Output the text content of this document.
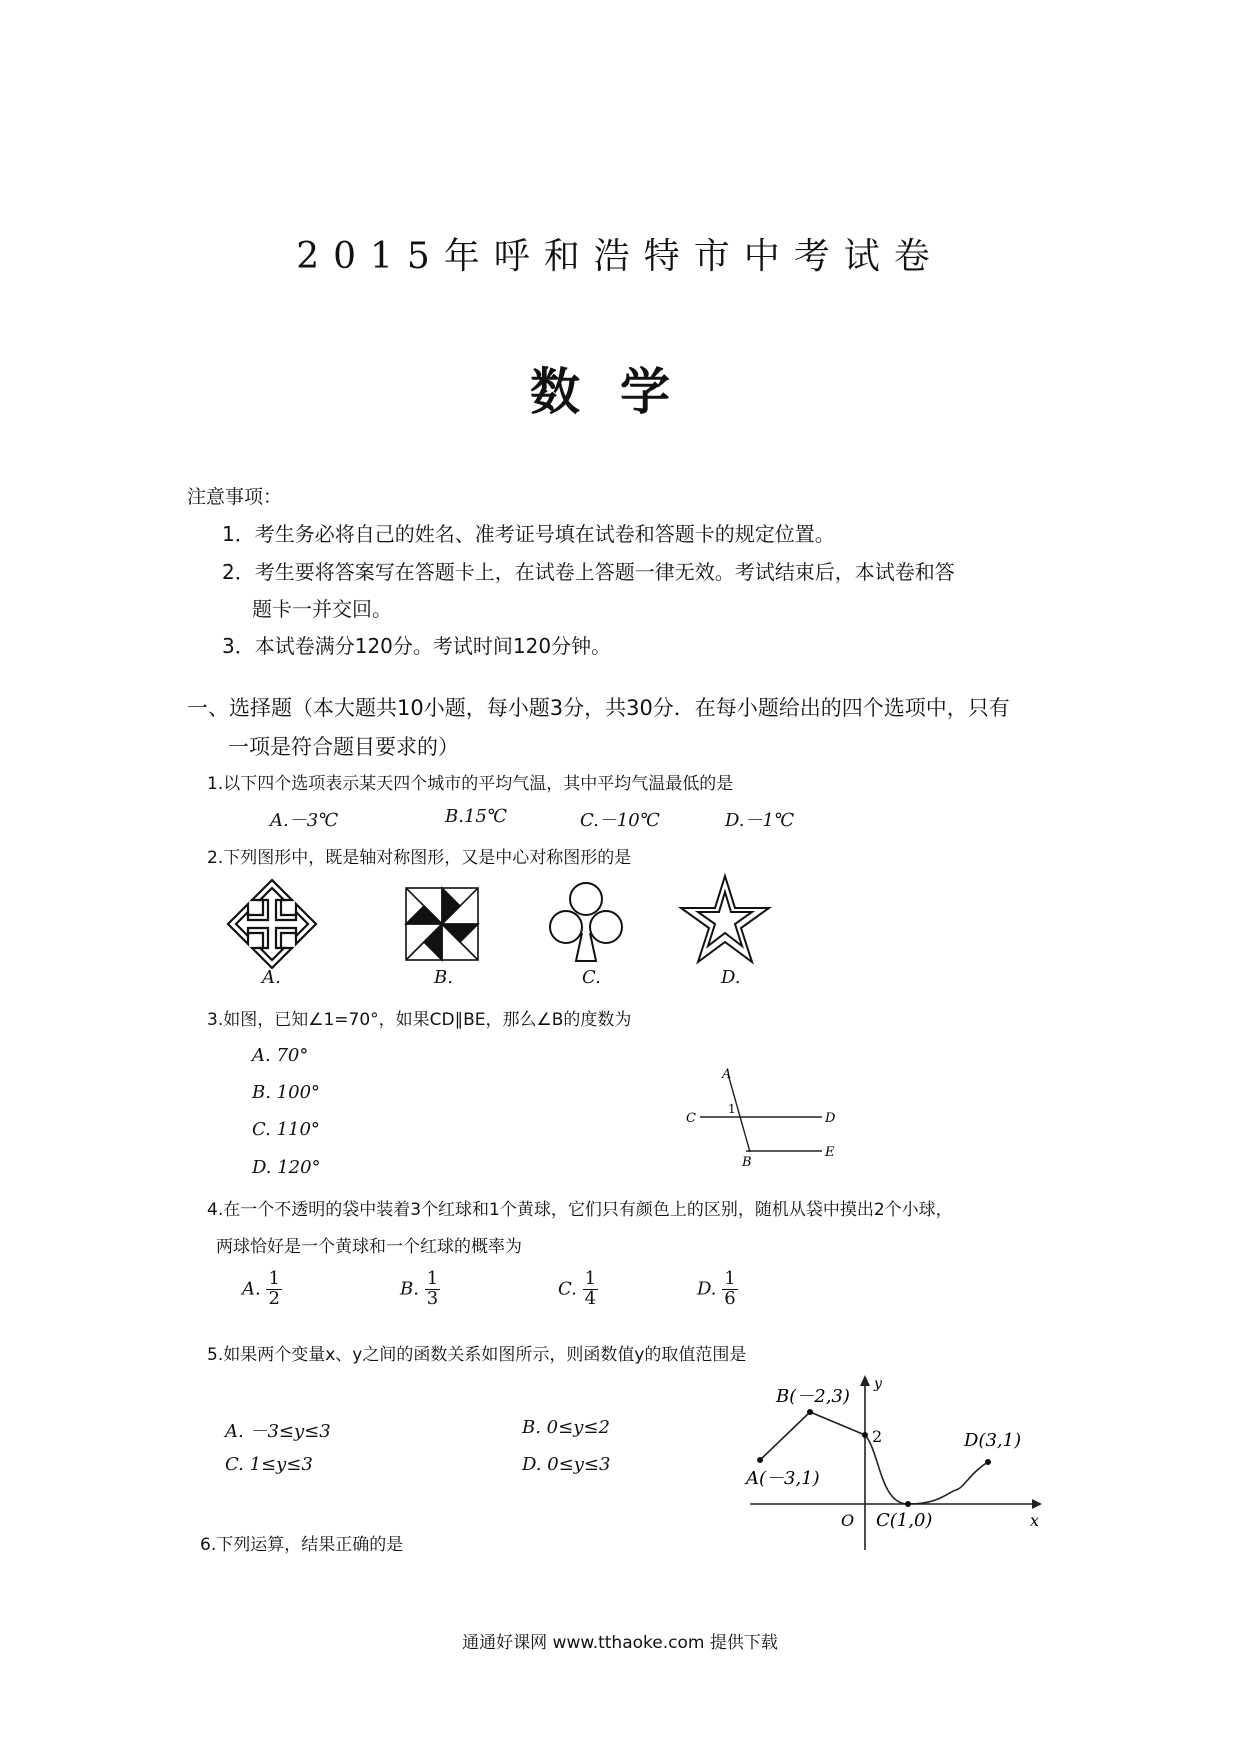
2015年呼和浩特市中考试卷
数学
注意事项：
1．考生务必将自己的姓名、准考证号填在试卷和答题卡的规定位置。
2．考生要将答案写在答题卡上，在试卷上答题一律无效。考试结束后，本试卷和答
题卡一并交回。
3．本试卷满分120分。考试时间120分钟。
一、选择题（本大题共10小题，每小题3分，共30分．在每小题给出的四个选项中，只有
一项是符合题目要求的）
1.以下四个选项表示某天四个城市的平均气温，其中平均气温最低的是
A.－3℃	B.15℃	C.－10℃	D.－1℃
2.下列图形中，既是轴对称图形，又是中心对称图形的是
A.	B.	C.	D.
3.如图，已知∠1=70°，如果CD∥BE，那么∠B的度数为
A. 70°
B. 100°
C. 110°
D. 120°
A
C
1
D
B
E
4.在一个不透明的袋中装着3个红球和1个黄球，它们只有颜色上的区别，随机从袋中摸出2个小球，
两球恰好是一个黄球和一个红球的概率为
A. $\frac{1}{2}$	B. $\frac{1}{3}$	C. $\frac{1}{4}$	D. $\frac{1}{6}$
5.如果两个变量x、y之间的函数关系如图所示，则函数值y的取值范围是
A. －3≤y≤3	B. 0≤y≤2
C. 1≤y≤3	D. 0≤y≤3
y
x
B(－2,3)
2
A(－3,1)
D(3,1)
O C(1,0)
6.下列运算，结果正确的是
通通好课网 www.tthaoke.com 提供下载
